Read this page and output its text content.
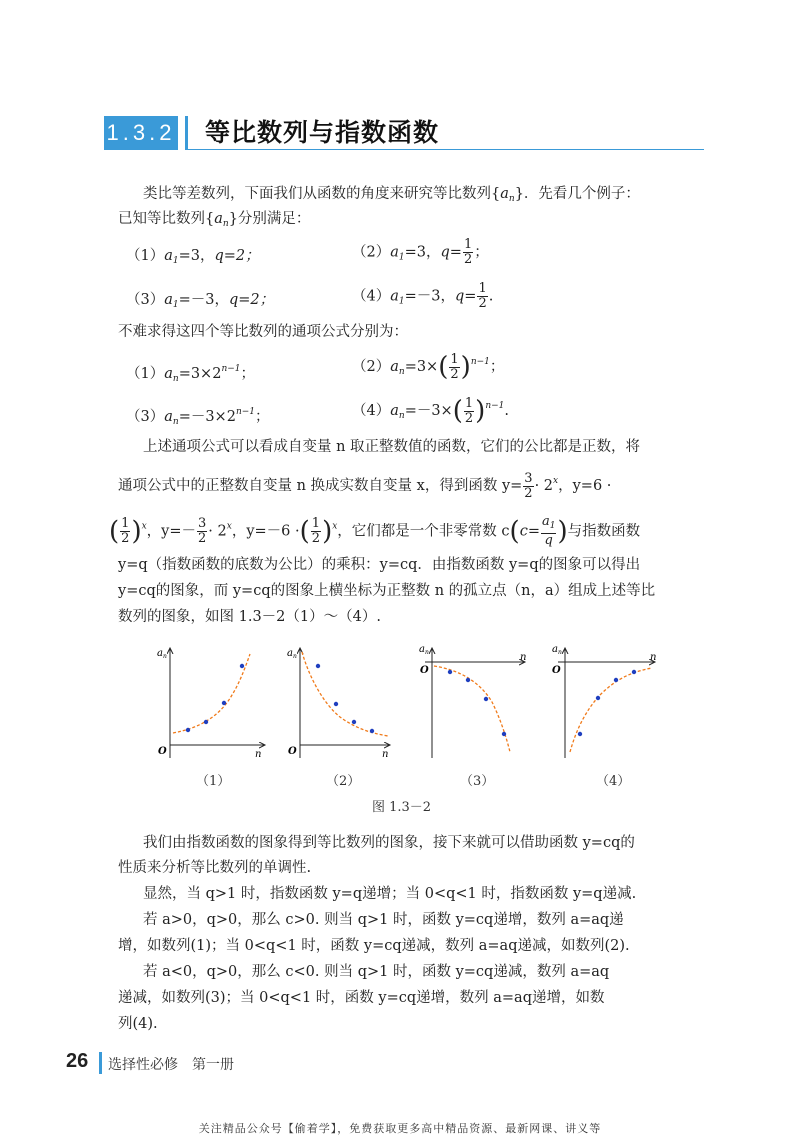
1.3.2 等比数列与指数函数
类比等差数列，下面我们从函数的角度来研究等比数列$\{a_n\}$．先看几个例子：
已知等比数列$\{a_n\}$分别满足：
$(1)a_1=3$，q=2；	$(2)a_1=3$，$q= \frac{1}{2}$ ；
$(3)a_1=-3$，q=2；	$(4)a_1=-3$，$q= \frac{1}{2}$ .
不难求得这四个等比数列的通项公式分别为：
$(1)a_n=3\times 2^{n-1}$；	$(2)a_n=3\times( \frac{1}{2} )^{n-1}$；
$(3)a_n=-3\times 2^{n-1}$；	$(4)a_n=-3\times( \frac{1}{2} )^{n-1}$.
上述通项公式可以看成自变量 n 取正整数值的函数，它们的公比都是正数，将
通项公式中的正整数自变量 n 换成实数自变量 x，得到函数 $y= \frac{3}{2} \cdot 2^x$，y=6 ·
( $\frac{1}{2} )^x$，$y=- \frac{3}{2} \cdot 2^x$，y=－6 ·( $\frac{1}{2} )^x$，它们都是一个非零常数 $c(c= \frac{a_1}{q}$ )与指数函数
y=q（指数函数的底数为公比）的乘积：y=cq．由指数函数 y=q的图象可以得出
y=cq的图象，而 y=cq的图象上横坐标为正整数 n 的孤立点（n，a）组成上述等比
数列的图象，如图 1.3－2（1）～（4）.
O	n
a n
O	n
a n
O
n
a n
O
n
a n
（1）	（2）	（3）	（4）
图 1.3－2
我们由指数函数的图象得到等比数列的图象，接下来就可以借助函数 y=cq的
性质来分析等比数列的单调性.
显然，当 q>1 时，指数函数 y=q递增；当 0<q<1 时，指数函数 y=q递减.
若 a>0，q>0，那么 c>0. 则当 q>1 时，函数 y=cq递增，数列 a=aq递
增，如数列(1)；当 0<q<1 时，函数 y=cq递减，数列 a=aq递减，如数列(2).
若 a<0，q>0，那么 c<0. 则当 q>1 时，函数 y=cq递减，数列 a=aq
递减，如数列(3)；当 0<q<1 时，函数 y=cq递增，数列 a=aq递增，如数
列(4).
26 选择性必修　第一册
关注精品公众号【偷着学】，免费获取更多高中精品资源、最新网课、讲义等
